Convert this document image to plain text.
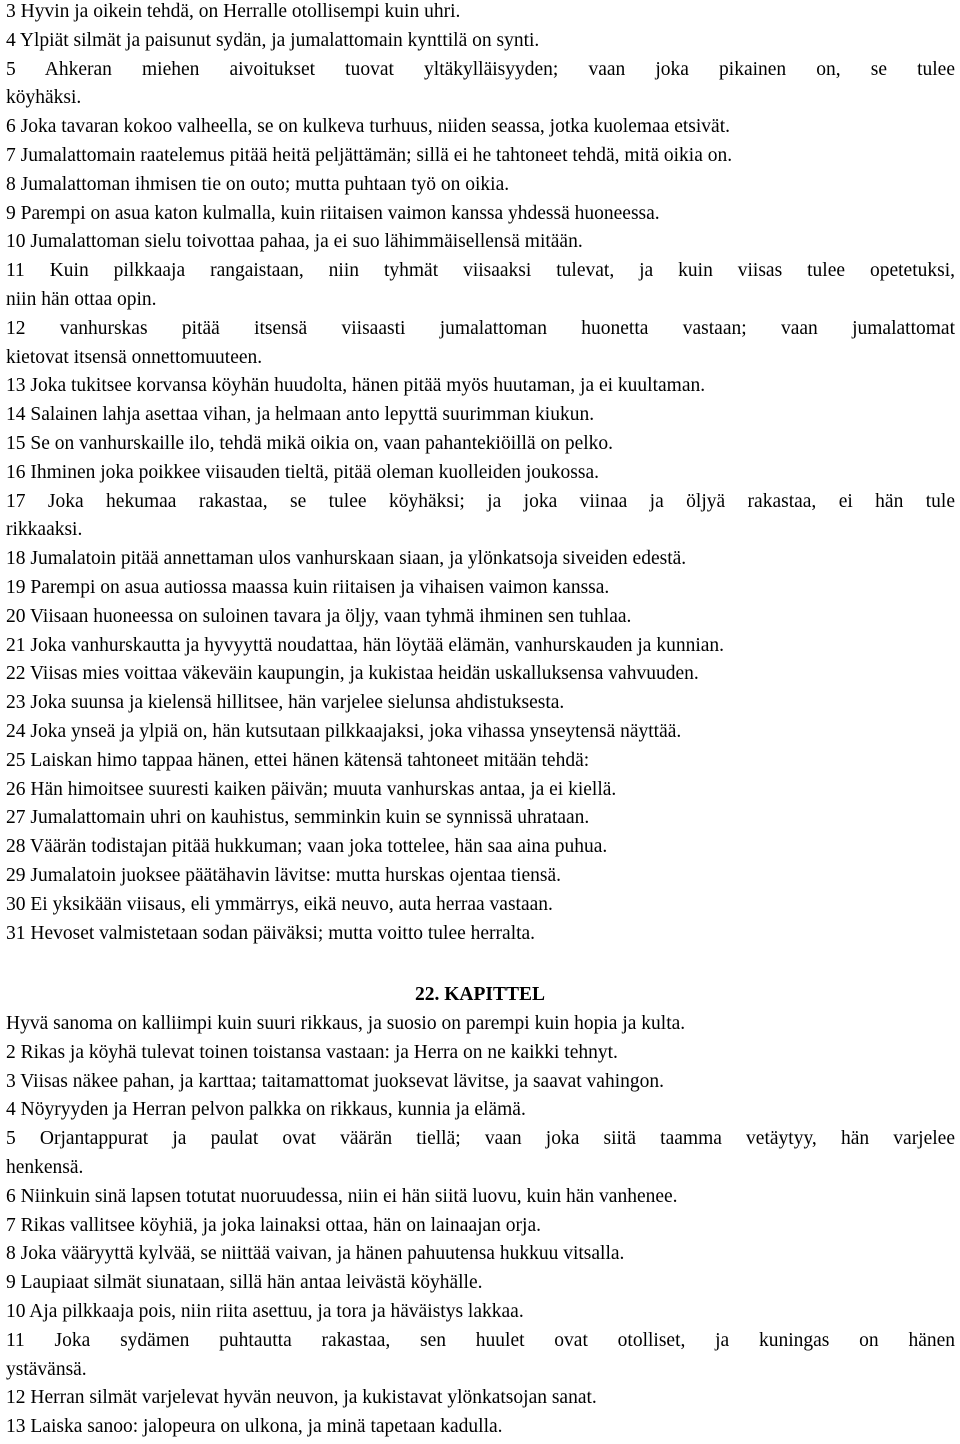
3 Hyvin ja oikein tehdä, on Herralle otollisempi kuin uhri.
4 Ylpiät silmät ja paisunut sydän, ja jumalattomain kynttilä on synti.
5 Ahkeran miehen aivoitukset tuovat yltäkylläisyyden; vaan joka pikainen on, se tulee
köyhäksi.
6 Joka tavaran kokoo valheella, se on kulkeva turhuus, niiden seassa, jotka kuolemaa etsivät.
7 Jumalattomain raatelemus pitää heitä peljättämän; sillä ei he tahtoneet tehdä, mitä oikia on.
8 Jumalattoman ihmisen tie on outo; mutta puhtaan työ on oikia.
9 Parempi on asua katon kulmalla, kuin riitaisen vaimon kanssa yhdessä huoneessa.
10 Jumalattoman sielu toivottaa pahaa, ja ei suo lähimmäisellensä mitään.
11 Kuin pilkkaaja rangaistaan, niin tyhmät viisaaksi tulevat, ja kuin viisas tulee opetetuksi,
niin hän ottaa opin.
12 vanhurskas pitää itsensä viisaasti jumalattoman huonetta vastaan; vaan jumalattomat
kietovat itsensä onnettomuuteen.
13 Joka tukitsee korvansa köyhän huudolta, hänen pitää myös huutaman, ja ei kuultaman.
14 Salainen lahja asettaa vihan, ja helmaan anto lepyttä suurimman kiukun.
15 Se on vanhurskaille ilo, tehdä mikä oikia on, vaan pahantekiöillä on pelko.
16 Ihminen joka poikkee viisauden tieltä, pitää oleman kuolleiden joukossa.
17 Joka hekumaa rakastaa, se tulee köyhäksi; ja joka viinaa ja öljyä rakastaa, ei hän tule
rikkaaksi.
18 Jumalatoin pitää annettaman ulos vanhurskaan siaan, ja ylönkatsoja siveiden edestä.
19 Parempi on asua autiossa maassa kuin riitaisen ja vihaisen vaimon kanssa.
20 Viisaan huoneessa on suloinen tavara ja öljy, vaan tyhmä ihminen sen tuhlaa.
21 Joka vanhurskautta ja hyvyyttä noudattaa, hän löytää elämän, vanhurskauden ja kunnian.
22 Viisas mies voittaa väkeväin kaupungin, ja kukistaa heidän uskalluksensa vahvuuden.
23 Joka suunsa ja kielensä hillitsee, hän varjelee sielunsa ahdistuksesta.
24 Joka ynseä ja ylpiä on, hän kutsutaan pilkkaajaksi, joka vihassa ynseytensä näyttää.
25 Laiskan himo tappaa hänen, ettei hänen kätensä tahtoneet mitään tehdä:
26 Hän himoitsee suuresti kaiken päivän; muuta vanhurskas antaa, ja ei kiellä.
27 Jumalattomain uhri on kauhistus, semminkin kuin se synnissä uhrataan.
28 Väärän todistajan pitää hukkuman; vaan joka tottelee, hän saa aina puhua.
29 Jumalatoin juoksee päätähavin lävitse: mutta hurskas ojentaa tiensä.
30 Ei yksikään viisaus, eli ymmärrys, eikä neuvo, auta herraa vastaan.
31 Hevoset valmistetaan sodan päiväksi; mutta voitto tulee herralta.
22. KAPITTEL
Hyvä sanoma on kalliimpi kuin suuri rikkaus, ja suosio on parempi kuin hopia ja kulta.
2 Rikas ja köyhä tulevat toinen toistansa vastaan: ja Herra on ne kaikki tehnyt.
3 Viisas näkee pahan, ja karttaa; taitamattomat juoksevat lävitse, ja saavat vahingon.
4 Nöyryyden ja Herran pelvon palkka on rikkaus, kunnia ja elämä.
5 Orjantappurat ja paulat ovat väärän tiellä; vaan joka siitä taamma vetäytyy, hän varjelee
henkensä.
6 Niinkuin sinä lapsen totutat nuoruudessa, niin ei hän siitä luovu, kuin hän vanhenee.
7 Rikas vallitsee köyhiä, ja joka lainaksi ottaa, hän on lainaajan orja.
8 Joka vääryyttä kylvää, se niittää vaivan, ja hänen pahuutensa hukkuu vitsalla.
9 Laupiaat silmät siunataan, sillä hän antaa leivästä köyhälle.
10 Aja pilkkaaja pois, niin riita asettuu, ja tora ja häväistys lakkaa.
11 Joka sydämen puhtautta rakastaa, sen huulet ovat otolliset, ja kuningas on hänen
ystävänsä.
12 Herran silmät varjelevat hyvän neuvon, ja kukistavat ylönkatsojan sanat.
13 Laiska sanoo: jalopeura on ulkona, ja minä tapetaan kadulla.
